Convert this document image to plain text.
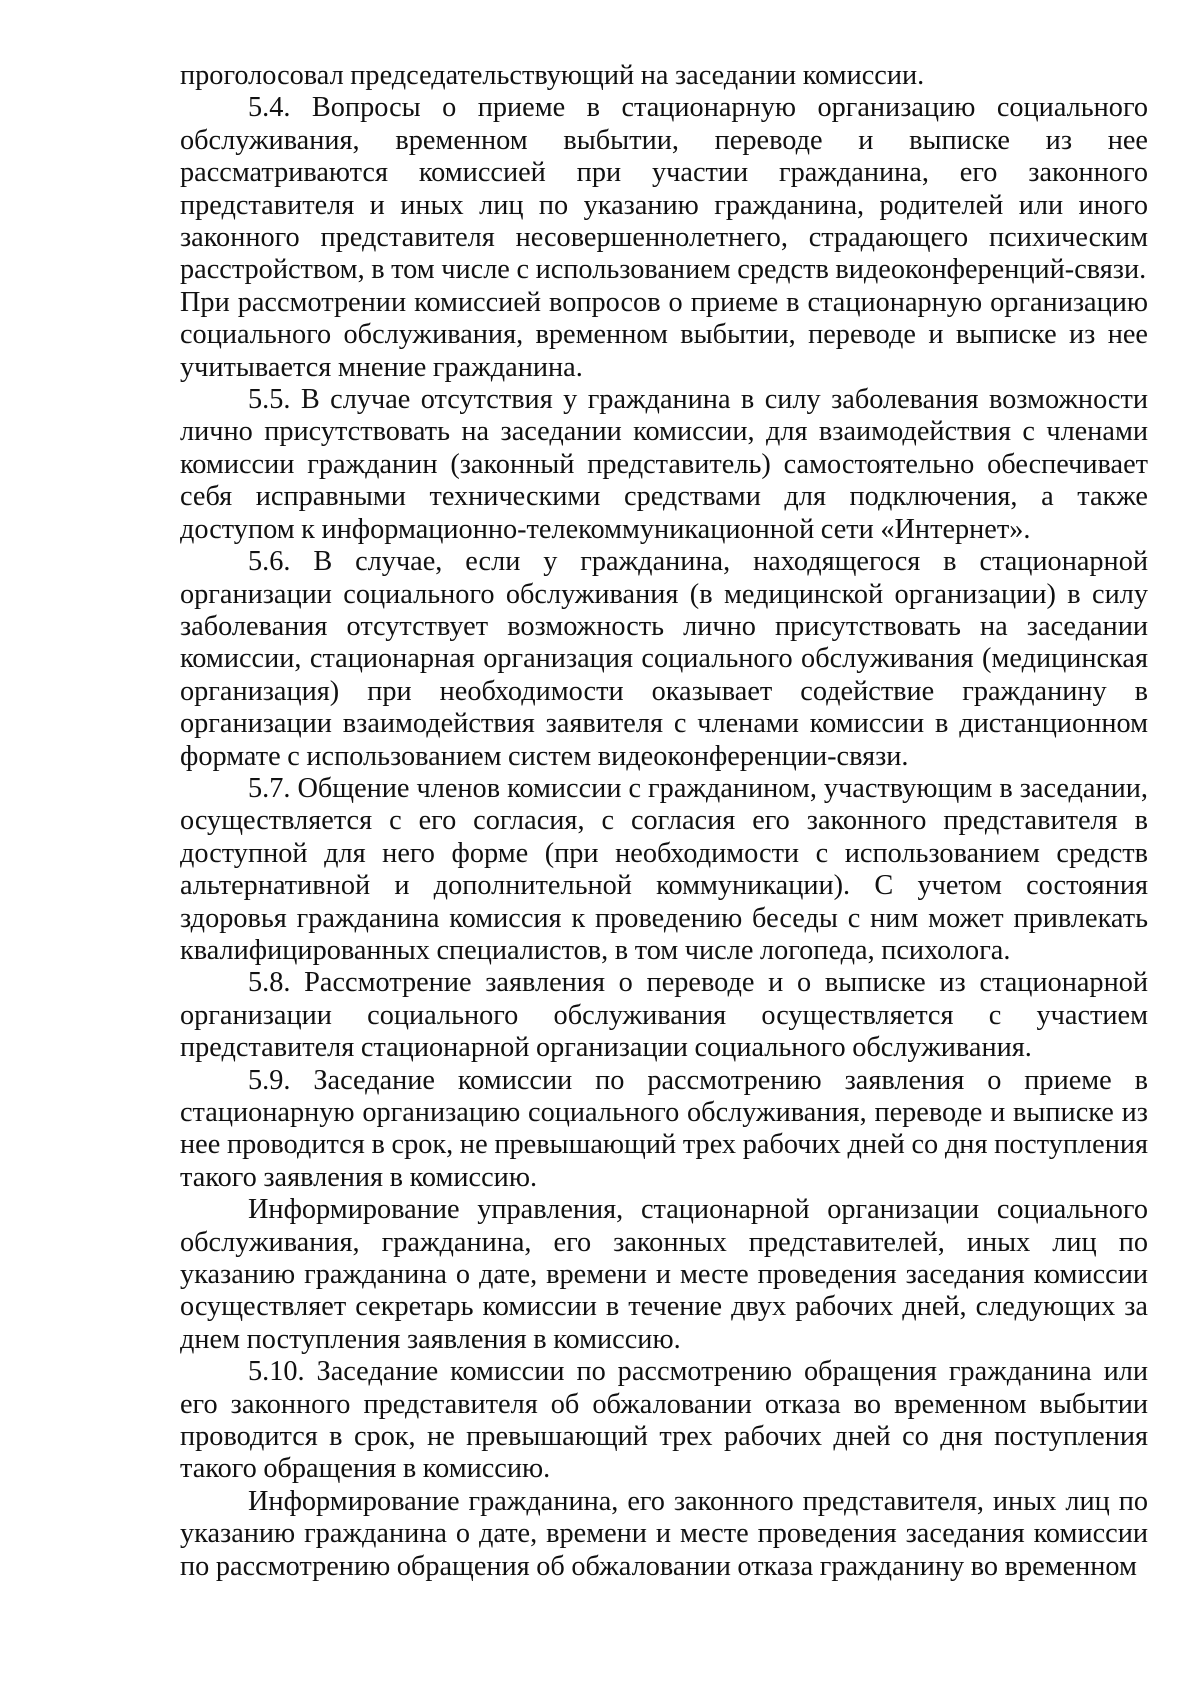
проголосовал председательствующий на заседании комиссии.

5.4. Вопросы о приеме в стационарную организацию социального обслуживания, временном выбытии, переводе и выписке из нее рассматриваются комиссией при участии гражданина, его законного представителя и иных лиц по указанию гражданина, родителей или иного законного представителя несовершеннолетнего, страдающего психическим расстройством, в том числе с использованием средств видеоконференций-связи.

При рассмотрении комиссией вопросов о приеме в стационарную организацию социального обслуживания, временном выбытии, переводе и выписке из нее учитывается мнение гражданина.

5.5. В случае отсутствия у гражданина в силу заболевания возможности лично присутствовать на заседании комиссии, для взаимодействия с членами комиссии гражданин (законный представитель) самостоятельно обеспечивает себя исправными техническими средствами для подключения, а также доступом к информационно-телекоммуникационной сети «Интернет».

5.6. В случае, если у гражданина, находящегося в стационарной организации социального обслуживания (в медицинской организации) в силу заболевания отсутствует возможность лично присутствовать на заседании комиссии, стационарная организация социального обслуживания (медицинская организация) при необходимости оказывает содействие гражданину в организации взаимодействия заявителя с членами комиссии в дистанционном формате с использованием систем видеоконференции-связи.

5.7. Общение членов комиссии с гражданином, участвующим в заседании, осуществляется с его согласия, с согласия его законного представителя в доступной для него форме (при необходимости с использованием средств альтернативной и дополнительной коммуникации). С учетом состояния здоровья гражданина комиссия к проведению беседы с ним может привлекать квалифицированных специалистов, в том числе логопеда, психолога.

5.8. Рассмотрение заявления о переводе и о выписке из стационарной организации социального обслуживания осуществляется с участием представителя стационарной организации социального обслуживания.

5.9. Заседание комиссии по рассмотрению заявления о приеме в стационарную организацию социального обслуживания, переводе и выписке из нее проводится в срок, не превышающий трех рабочих дней со дня поступления такого заявления в комиссию.

Информирование управления, стационарной организации социального обслуживания, гражданина, его законных представителей, иных лиц по указанию гражданина о дате, времени и месте проведения заседания комиссии осуществляет секретарь комиссии в течение двух рабочих дней, следующих за днем поступления заявления в комиссию.

5.10. Заседание комиссии по рассмотрению обращения гражданина или его законного представителя об обжаловании отказа во временном выбытии проводится в срок, не превышающий трех рабочих дней со дня поступления такого обращения в комиссию.

Информирование гражданина, его законного представителя, иных лиц по указанию гражданина о дате, времени и месте проведения заседания комиссии по рассмотрению обращения об обжаловании отказа гражданину во временном
